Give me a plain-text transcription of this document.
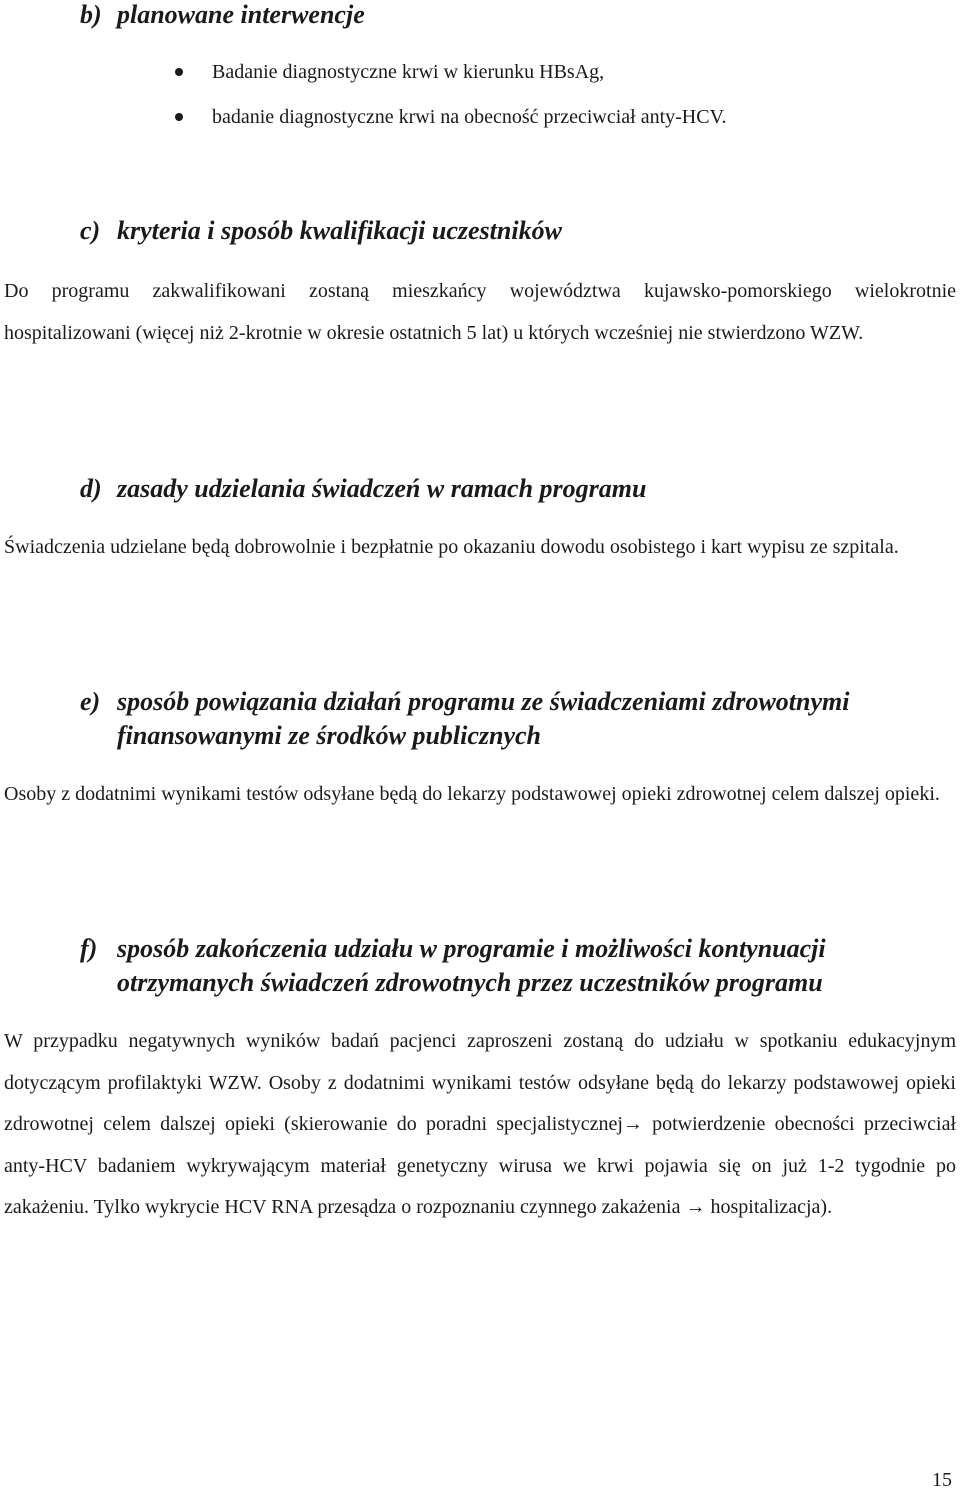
b) planowane interwencje
Badanie diagnostyczne krwi w kierunku HBsAg,
badanie diagnostyczne krwi na obecność przeciwciał anty-HCV.
c) kryteria i sposób kwalifikacji uczestników

Do programu zakwalifikowani zostaną mieszkańcy województwa kujawsko-pomorskiego wielokrotnie hospitalizowani (więcej niż 2-krotnie w okresie ostatnich 5 lat) u których wcześniej nie stwierdzono WZW.

d) zasady udzielania świadczeń w ramach programu

Świadczenia udzielane będą dobrowolnie i bezpłatnie po okazaniu dowodu osobistego i kart wypisu ze szpitala.

e) sposób powiązania działań programu ze świadczeniami zdrowotnymi
finansowanymi ze środków publicznych

Osoby z dodatnimi wynikami testów odsyłane będą do lekarzy podstawowej opieki zdrowotnej celem dalszej opieki.

f) sposób zakończenia udziału w programie i możliwości kontynuacji
otrzymanych świadczeń zdrowotnych przez uczestników programu

W przypadku negatywnych wyników badań pacjenci zaproszeni zostaną do udziału w spotkaniu edukacyjnym dotyczącym profilaktyki WZW. Osoby z dodatnimi wynikami testów odsyłane będą do lekarzy podstawowej opieki zdrowotnej celem dalszej opieki (skierowanie do poradni specjalistycznej→ potwierdzenie obecności przeciwciał anty-HCV badaniem wykrywającym materiał genetyczny wirusa we krwi pojawia się on już 1-2 tygodnie po zakażeniu. Tylko wykrycie HCV RNA przesądza o rozpoznaniu czynnego zakażenia → hospitalizacja).

15
